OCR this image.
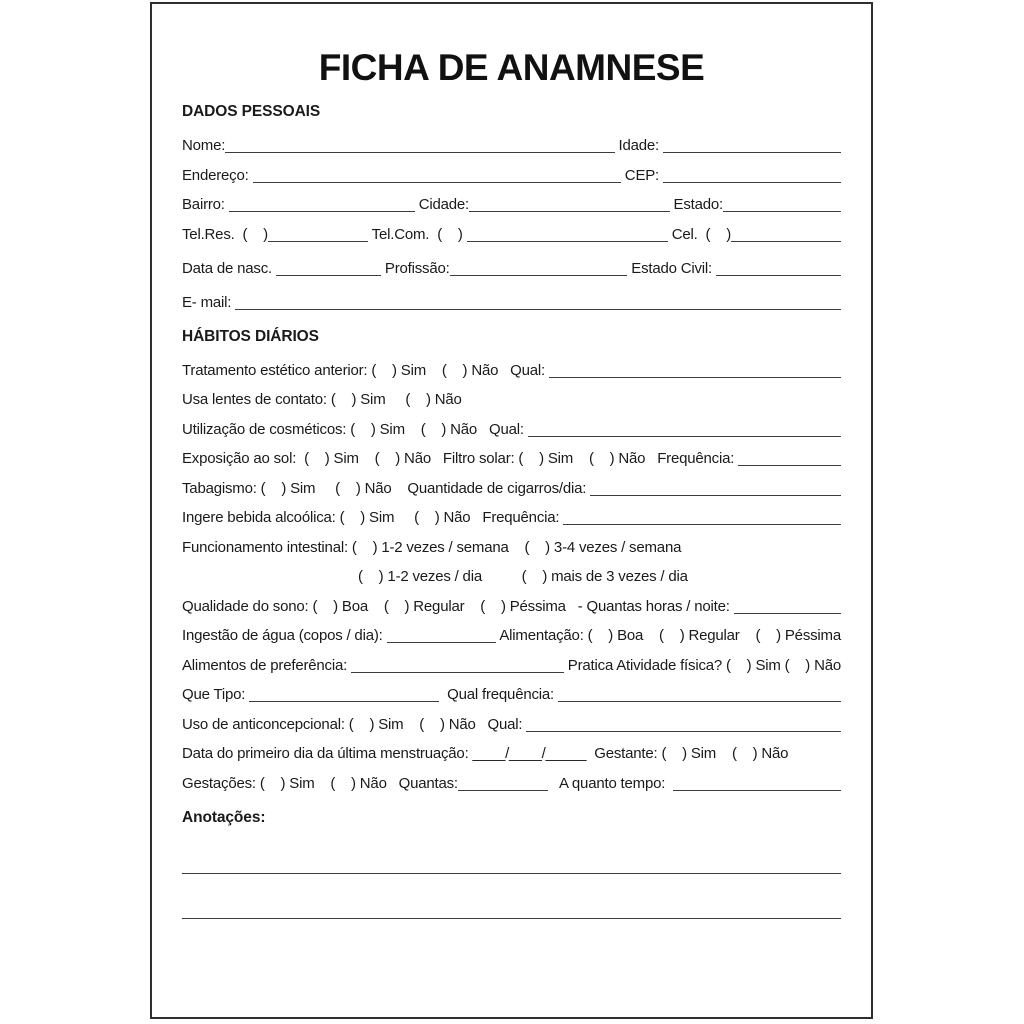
FICHA DE ANAMNESE
DADOS PESSOAIS
Nome:	Idade:
Endereço:	CEP:
Bairro:	Cidade:	Estado:
Tel.Res.  (    )	Tel.Com.  (    )	Cel.  (    )
Data de nasc.	Profissão:	Estado Civil:
E- mail:
HÁBITOS DIÁRIOS
Tratamento estético anterior: (    ) Sim    (    ) Não   Qual:
Usa lentes de contato: (    ) Sim     (    ) Não
Utilização de cosméticos: (    ) Sim    (    ) Não   Qual:
Exposição ao sol:  (    ) Sim    (    ) Não   Filtro solar: (    ) Sim    (    ) Não   Frequência:
Tabagismo: (    ) Sim     (    ) Não    Quantidade de cigarros/dia:
Ingere bebida alcoólica: (    ) Sim     (    ) Não   Frequência:
Funcionamento intestinal: (    ) 1-2 vezes / semana    (    ) 3-4 vezes / semana
(    ) 1-2 vezes / dia          (    ) mais de 3 vezes / dia
Qualidade do sono: (    ) Boa    (    ) Regular    (    ) Péssima   - Quantas horas / noite:
Ingestão de água (copos / dia):	Alimentação: (    ) Boa    (    ) Regular    (    ) Péssima
Alimentos de preferência:	Pratica Atividade física? (    ) Sim (    ) Não
Que Tipo:	Qual frequência:
Uso de anticoncepcional: (    ) Sim    (    ) Não   Qual:
Data do primeiro dia da última menstruação: ____/____/_____  Gestante: (    ) Sim    (    ) Não
Gestações: (    ) Sim    (    ) Não   Quantas:	A quanto tempo:
Anotações:
